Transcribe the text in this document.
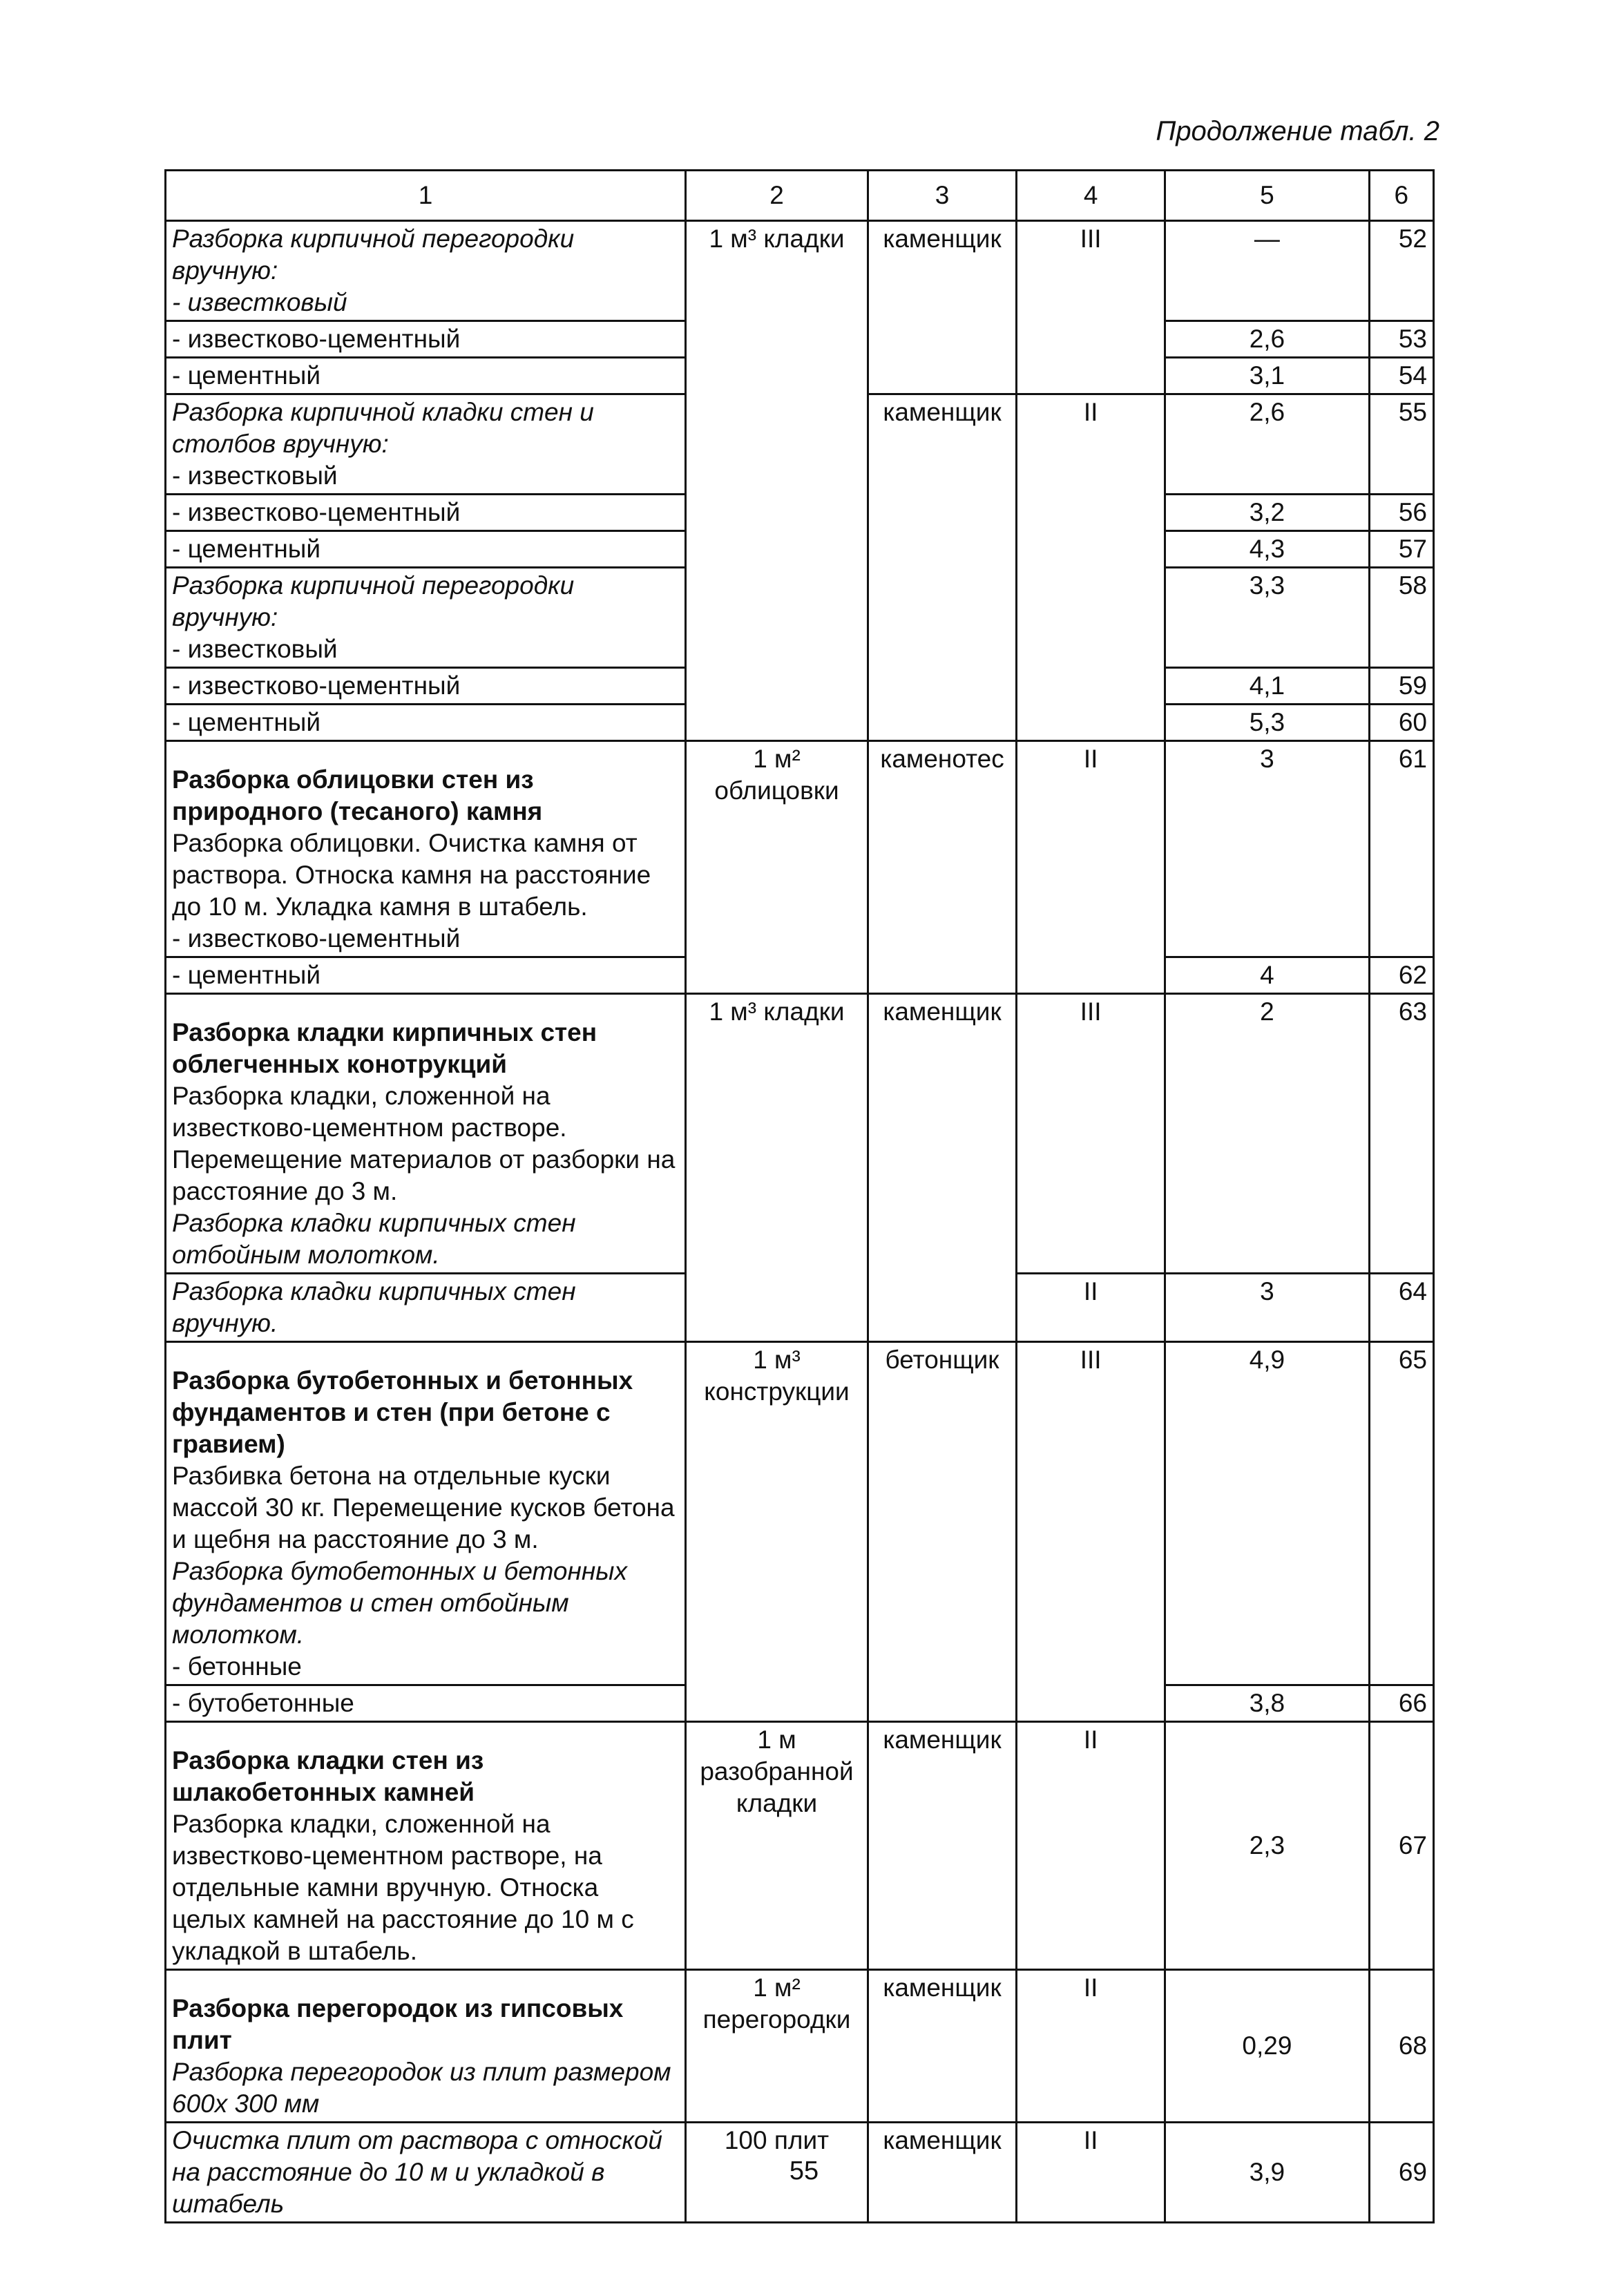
Продолжение табл. 2
1	2	3	4	5	6
Разборка кирпичной перегородки вручную:
- известковый	1 м³ кладки	каменщик	III	—	52
- известково-цементный				2,6	53
- цементный				3,1	54
Разборка кирпичной кладки стен и столбов вручную:
- известковый		каменщик	II	2,6	55
- известково-цементный				3,2	56
- цементный				4,3	57
Разборка кирпичной перегородки вручную:
- известковый				3,3	58
- известково-цементный				4,1	59
- цементный				5,3	60

Разборка облицовки стен из природного (тесаного) камня
Разборка облицовки. Очистка камня от раствора. Относка камня на расстояние до 10 м. Укладка камня в штабель.
- известково-цементный	1 м² облицовки	каменотес	II	3	61
- цементный				4	62

Разборка кладки кирпичных стен облегченных конотрукций
Разборка кладки, сложенной на известково-цементном растворе. Перемещение материалов от разборки на расстояние до 3 м.
Разборка кладки кирпичных стен отбойным молотком.	1 м³ кладки	каменщик	III	2	63
Разборка кладки кирпичных стен вручную.			II	3	64

Разборка бутобетонных и бетонных фундаментов и стен (при бетоне с гравием)
Разбивка бетона на отдельные куски массой 30 кг. Перемещение кусков бетона и щебня на расстояние до 3 м.
Разборка бутобетонных и бетонных фундаментов и стен отбойным молотком.
- бетонные	1 м³ конструкции	бетонщик	III	4,9	65
- бутобетонные				3,8	66

Разборка кладки стен из шлакобетонных камней
Разборка кладки, сложенной на известково-цементном растворе, на отдельные камни вручную. Относка целых камней на расстояние до 10 м с укладкой в штабель.	1 м разобранной кладки	каменщик	II	2,3	67

Разборка перегородок из гипсовых плит
Разборка перегородок из плит размером 600х 300 мм	1 м² перегородки	каменщик	II	0,29	68
Очистка плит от раствора с отноской на расстояние до 10 м и укладкой в штабель	100 плит	каменщик	II	3,9	69
55
